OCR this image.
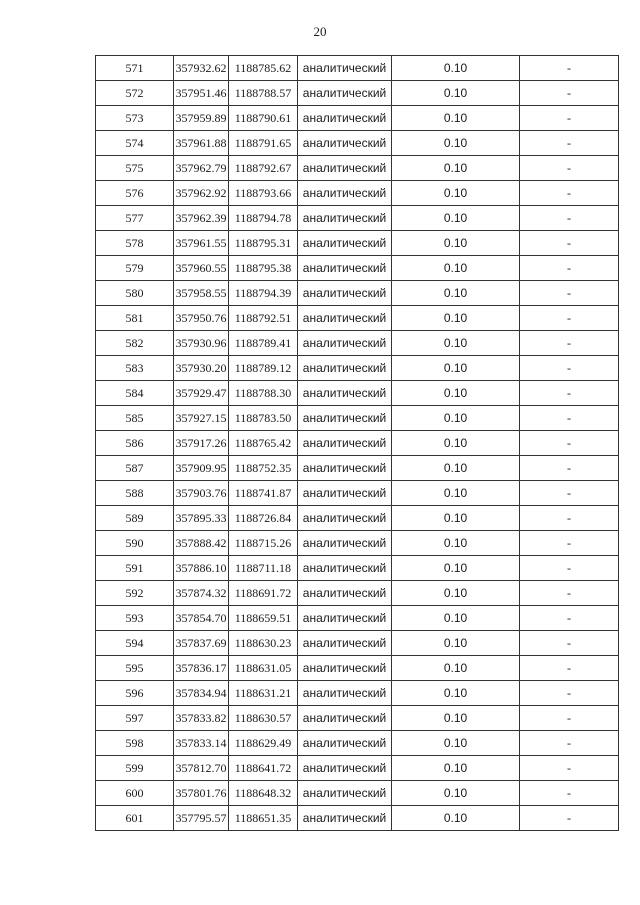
20
571	357932.62	1188785.62	аналитический	0.10	-
572	357951.46	1188788.57	аналитический	0.10	-
573	357959.89	1188790.61	аналитический	0.10	-
574	357961.88	1188791.65	аналитический	0.10	-
575	357962.79	1188792.67	аналитический	0.10	-
576	357962.92	1188793.66	аналитический	0.10	-
577	357962.39	1188794.78	аналитический	0.10	-
578	357961.55	1188795.31	аналитический	0.10	-
579	357960.55	1188795.38	аналитический	0.10	-
580	357958.55	1188794.39	аналитический	0.10	-
581	357950.76	1188792.51	аналитический	0.10	-
582	357930.96	1188789.41	аналитический	0.10	-
583	357930.20	1188789.12	аналитический	0.10	-
584	357929.47	1188788.30	аналитический	0.10	-
585	357927.15	1188783.50	аналитический	0.10	-
586	357917.26	1188765.42	аналитический	0.10	-
587	357909.95	1188752.35	аналитический	0.10	-
588	357903.76	1188741.87	аналитический	0.10	-
589	357895.33	1188726.84	аналитический	0.10	-
590	357888.42	1188715.26	аналитический	0.10	-
591	357886.10	1188711.18	аналитический	0.10	-
592	357874.32	1188691.72	аналитический	0.10	-
593	357854.70	1188659.51	аналитический	0.10	-
594	357837.69	1188630.23	аналитический	0.10	-
595	357836.17	1188631.05	аналитический	0.10	-
596	357834.94	1188631.21	аналитический	0.10	-
597	357833.82	1188630.57	аналитический	0.10	-
598	357833.14	1188629.49	аналитический	0.10	-
599	357812.70	1188641.72	аналитический	0.10	-
600	357801.76	1188648.32	аналитический	0.10	-
601	357795.57	1188651.35	аналитический	0.10	-
